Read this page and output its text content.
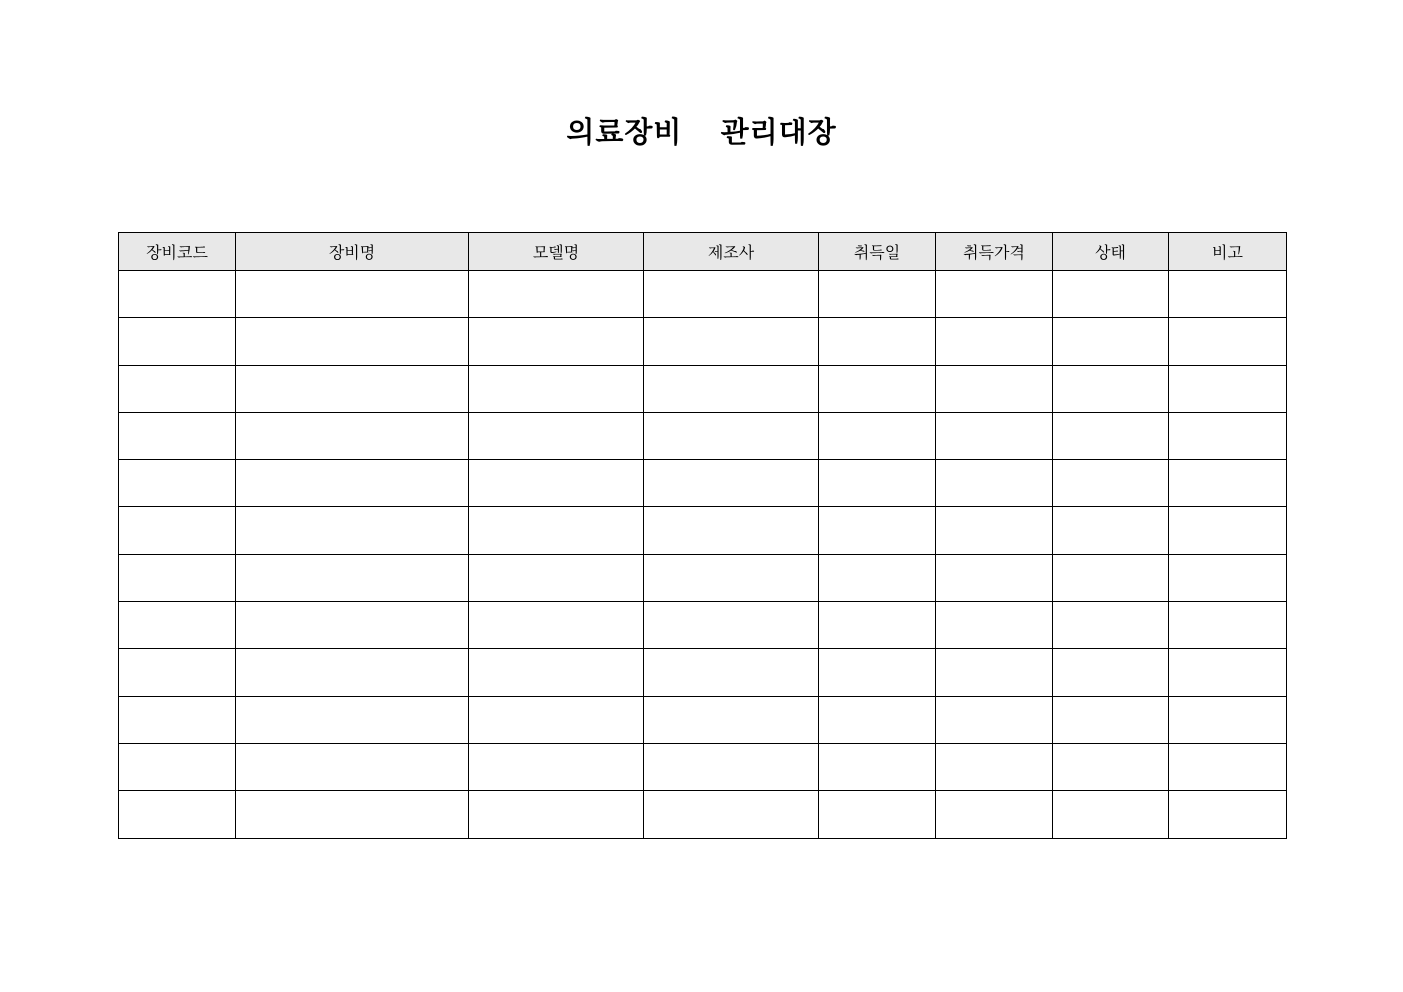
의료장비  관리대장
장비코드	장비명	모델명	제조사	취득일	취득가격	상태	비고
